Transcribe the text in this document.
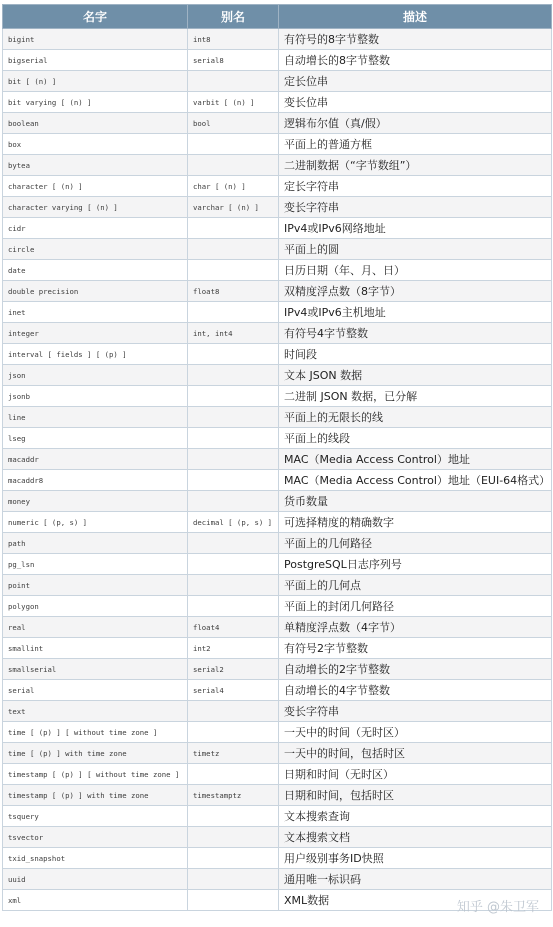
名字	别名	描述
bigint	int8	有符号的8字节整数
bigserial	serial8	自动增长的8字节整数
bit [ (n) ]		定长位串
bit varying [ (n) ]	varbit [ (n) ]	变长位串
boolean	bool	逻辑布尔值（真/假）
box		平面上的普通方框
bytea		二进制数据（“字节数组”）
character [ (n) ]	char [ (n) ]	定长字符串
character varying [ (n) ]	varchar [ (n) ]	变长字符串
cidr		IPv4或IPv6网络地址
circle		平面上的圆
date		日历日期（年、月、日）
double precision	float8	双精度浮点数（8字节）
inet		IPv4或IPv6主机地址
integer	int, int4	有符号4字节整数
interval [ fields ] [ (p) ]		时间段
json		文本 JSON 数据
jsonb		二进制 JSON 数据，已分解
line		平面上的无限长的线
lseg		平面上的线段
macaddr		MAC（Media Access Control）地址
macaddr8		MAC（Media Access Control）地址（EUI-64格式）
money		货币数量
numeric [ (p, s) ]	decimal [ (p, s) ]	可选择精度的精确数字
path		平面上的几何路径
pg_lsn		PostgreSQL日志序列号
point		平面上的几何点
polygon		平面上的封闭几何路径
real	float4	单精度浮点数（4字节）
smallint	int2	有符号2字节整数
smallserial	serial2	自动增长的2字节整数
serial	serial4	自动增长的4字节整数
text		变长字符串
time [ (p) ] [ without time zone ]		一天中的时间（无时区）
time [ (p) ] with time zone	timetz	一天中的时间，包括时区
timestamp [ (p) ] [ without time zone ]		日期和时间（无时区）
timestamp [ (p) ] with time zone	timestamptz	日期和时间，包括时区
tsquery		文本搜索查询
tsvector		文本搜索文档
txid_snapshot		用户级别事务ID快照
uuid		通用唯一标识码
xml		XML数据	知乎 @朱卫军
